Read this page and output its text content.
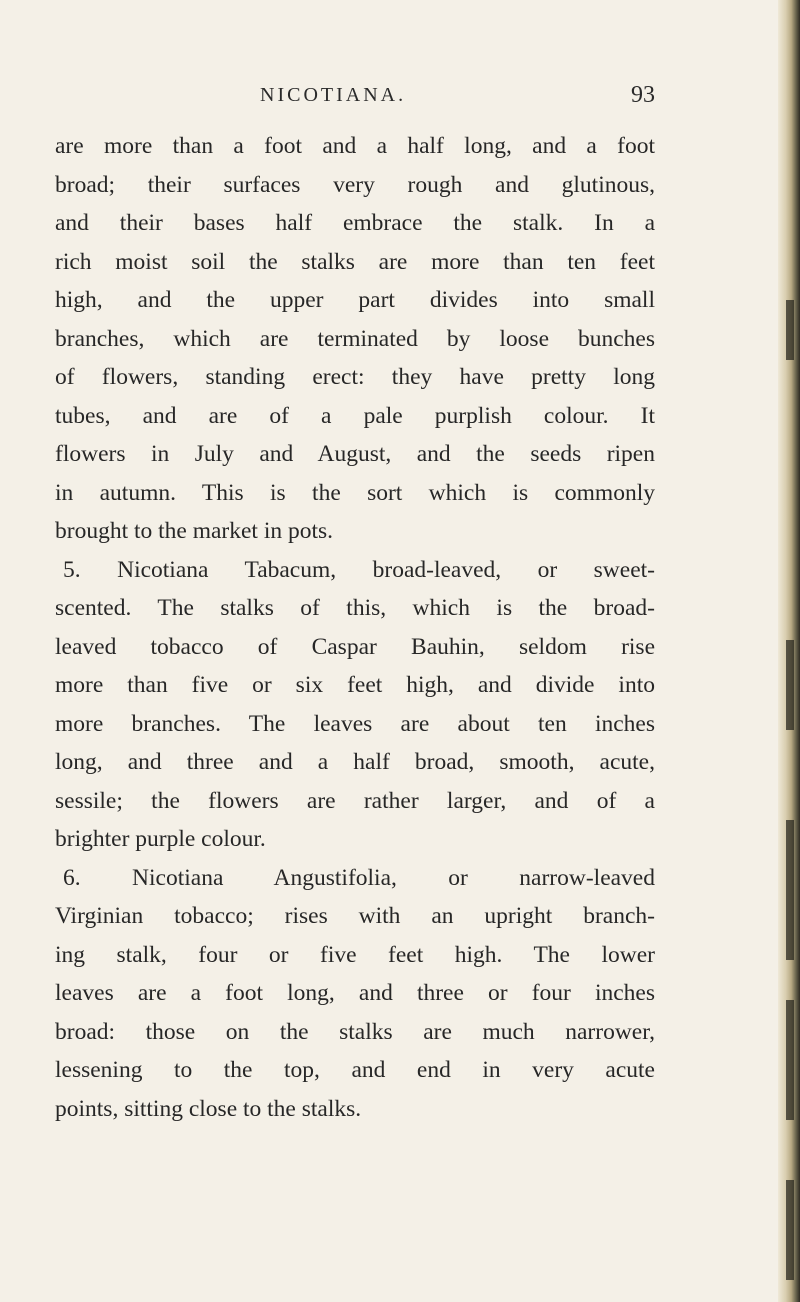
NICOTIANA.	93
are more than a foot and a half long, and a foot
broad; their surfaces very rough and glutinous,
and their bases half embrace the stalk. In a
rich moist soil the stalks are more than ten feet
high, and the upper part divides into small
branches, which are terminated by loose bunches
of flowers, standing erect: they have pretty long
tubes, and are of a pale purplish colour. It
flowers in July and August, and the seeds ripen
in autumn. This is the sort which is commonly
brought to the market in pots.
5. Nicotiana Tabacum, broad-leaved, or sweet-
scented. The stalks of this, which is the broad-
leaved tobacco of Caspar Bauhin, seldom rise
more than five or six feet high, and divide into
more branches. The leaves are about ten inches
long, and three and a half broad, smooth, acute,
sessile; the flowers are rather larger, and of a
brighter purple colour.
6. Nicotiana Angustifolia, or narrow-leaved
Virginian tobacco; rises with an upright branch-
ing stalk, four or five feet high. The lower
leaves are a foot long, and three or four inches
broad: those on the stalks are much narrower,
lessening to the top, and end in very acute
points, sitting close to the stalks.
